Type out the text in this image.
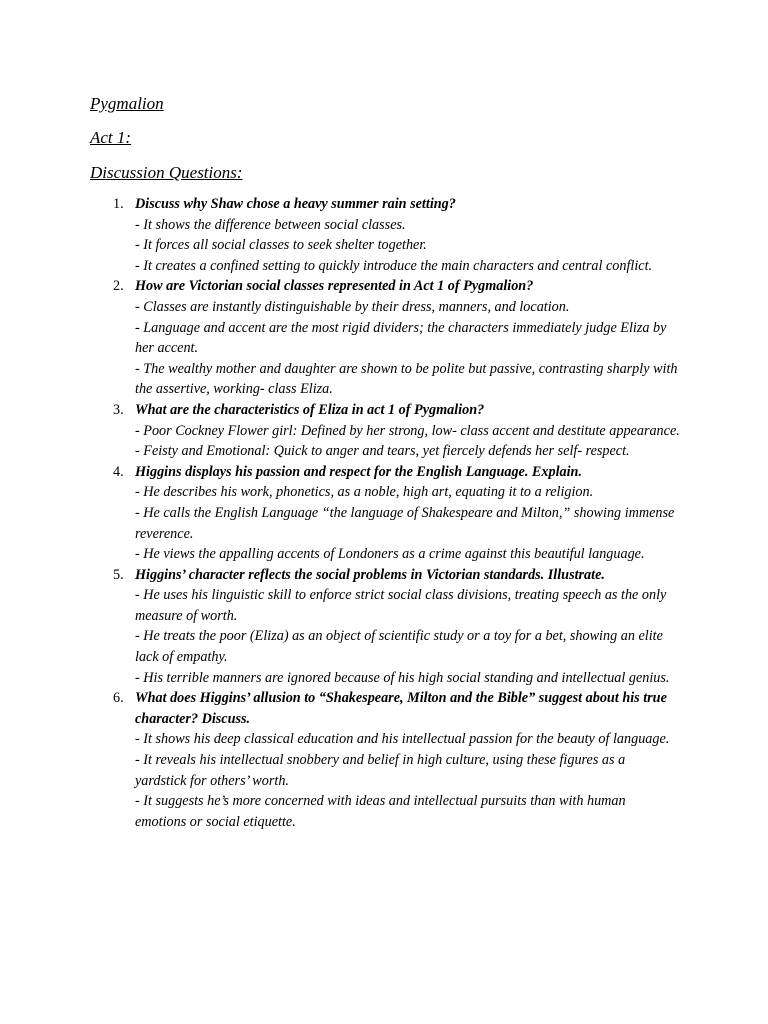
Pygmalion
Act 1:
Discussion Questions:
1. Discuss why Shaw chose a heavy summer rain setting?
- It shows the difference between social classes.
- It forces all social classes to seek shelter together.
- It creates a confined setting to quickly introduce the main characters and central conflict.
2. How are Victorian social classes represented in Act 1 of Pygmalion?
- Classes are instantly distinguishable by their dress, manners, and location.
- Language and accent are the most rigid dividers; the characters immediately judge Eliza by her accent.
- The wealthy mother and daughter are shown to be polite but passive, contrasting sharply with the assertive, working- class Eliza.
3. What are the characteristics of Eliza in act 1 of Pygmalion?
- Poor Cockney Flower girl: Defined by her strong, low- class accent and destitute appearance.
- Feisty and Emotional: Quick to anger and tears, yet fiercely defends her self- respect.
4. Higgins displays his passion and respect for the English Language. Explain.
- He describes his work, phonetics, as a noble, high art, equating it to a religion.
- He calls the English Language “the language of Shakespeare and Milton,” showing immense reverence.
- He views the appalling accents of Londoners as a crime against this beautiful language.
5. Higgins’ character reflects the social problems in Victorian standards. Illustrate.
- He uses his linguistic skill to enforce strict social class divisions, treating speech as the only measure of worth.
- He treats the poor (Eliza) as an object of scientific study or a toy for a bet, showing an elite lack of empathy.
- His terrible manners are ignored because of his high social standing and intellectual genius.
6. What does Higgins’ allusion to “Shakespeare, Milton and the Bible” suggest about his true character? Discuss.
- It shows his deep classical education and his intellectual passion for the beauty of language.
- It reveals his intellectual snobbery and belief in high culture, using these figures as a yardstick for others’ worth.
- It suggests he’s more concerned with ideas and intellectual pursuits than with human emotions or social etiquette.
